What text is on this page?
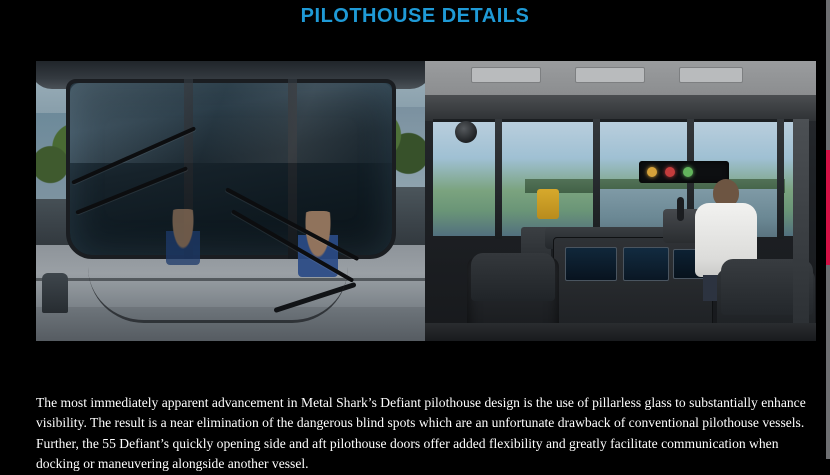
PILOTHOUSE DETAILS

The most immediately apparent advancement in Metal Shark’s Defiant pilothouse design is the use of pillarless glass to substantially enhance visibility. The result is a near elimination of the dangerous blind spots which are an unfortunate drawback of conventional pilothouse vessels. Further, the 55 Defiant’s quickly opening side and aft pilothouse doors offer added flexibility and greatly facilitate communication when docking or maneuvering alongside another vessel.
